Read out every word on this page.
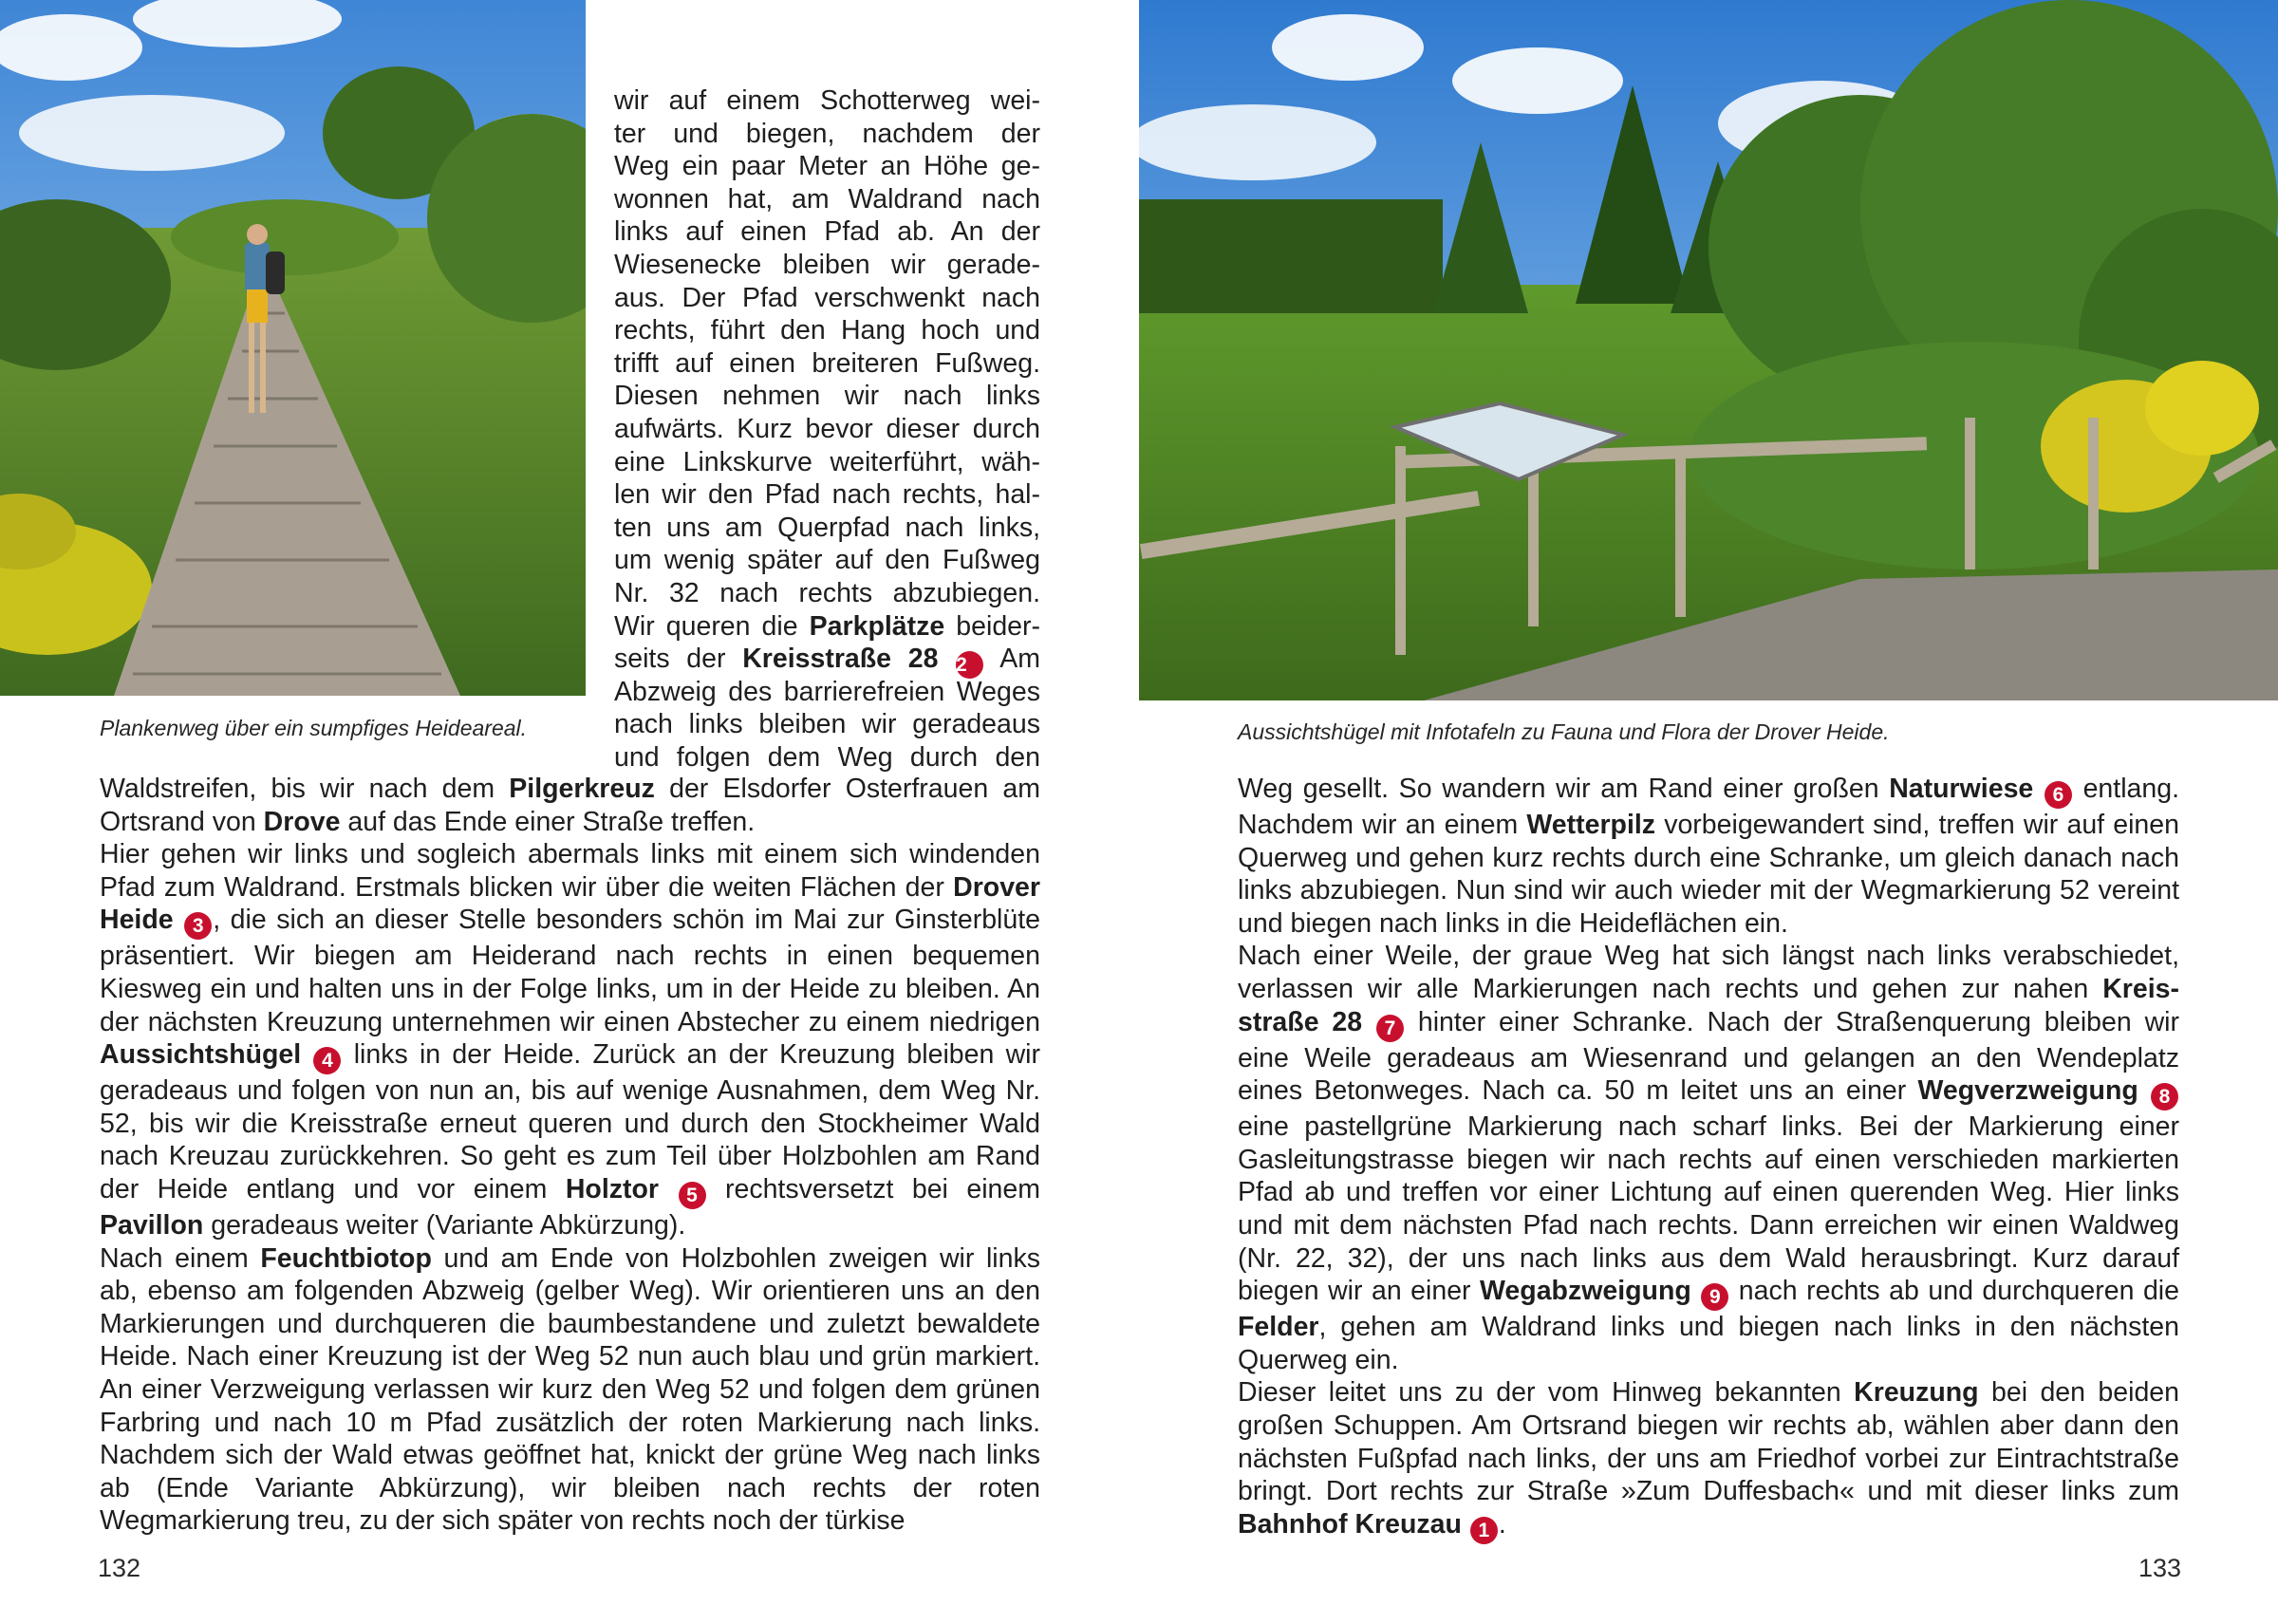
Plankenweg über ein sumpfiges Heideareal.

wir auf einem Schotterweg wei-
ter und biegen, nachdem der
Weg ein paar Meter an Höhe ge-
wonnen hat, am Waldrand nach
links auf einen Pfad ab. An der
Wiesenecke bleiben wir gerade-
aus. Der Pfad verschwenkt nach
rechts, führt den Hang hoch und
trifft auf einen breiteren Fußweg.
Diesen nehmen wir nach links
aufwärts. Kurz bevor dieser durch
eine Linkskurve weiterführt, wäh-
len wir den Pfad nach rechts, hal-
ten uns am Querpfad nach links,
um wenig später auf den Fußweg
Nr. 32 nach rechts abzubiegen.
Wir queren die Parkplätze beider-
seits der Kreisstraße 28 2 Am
Abzweig des barrierefreien Weges
nach links bleiben wir geradeaus
und folgen dem Weg durch den
Waldstreifen, bis wir nach dem Pilgerkreuz der Elsdorfer Osterfrauen am Ortsrand von Drove auf das Ende einer Straße treffen.
Hier gehen wir links und sogleich abermals links mit einem sich windenden Pfad zum Waldrand. Erstmals blicken wir über die weiten Flächen der Drover Heide 3 , die sich an dieser Stelle besonders schön im Mai zur Ginsterblüte präsentiert. Wir biegen am Heiderand nach rechts in einen bequemen Kiesweg ein und halten uns in der Folge links, um in der Heide zu bleiben. An der nächsten Kreuzung unternehmen wir einen Abstecher zu einem niedrigen Aussichtshügel 4 links in der Heide. Zurück an der Kreuzung bleiben wir geradeaus und folgen von nun an, bis auf wenige Ausnahmen, dem Weg Nr. 52, bis wir die Kreisstraße erneut queren und durch den Stockheimer Wald nach Kreuzau zurückkehren. So geht es zum Teil über Holzbohlen am Rand der Heide entlang und vor einem Holztor 5 rechtsversetzt bei einem Pavillon geradeaus weiter (Variante Abkürzung).
Nach einem Feuchtbiotop und am Ende von Holzbohlen zweigen wir links ab, ebenso am folgenden Abzweig (gelber Weg). Wir orientieren uns an den Markierungen und durchqueren die baumbestandene und zuletzt bewaldete Heide. Nach einer Kreuzung ist der Weg 52 nun auch blau und grün markiert. An einer Verzweigung verlassen wir kurz den Weg 52 und folgen dem grünen Farbring und nach 10 m Pfad zusätzlich der roten Markierung nach links. Nachdem sich der Wald etwas geöffnet hat, knickt der grüne Weg nach links ab (Ende Variante Abkürzung), wir bleiben nach rechts der roten Wegmarkierung treu, zu der sich später von rechts noch der türkise

132

Aussichtshügel mit Infotafeln zu Fauna und Flora der Drover Heide.

Weg gesellt. So wandern wir am Rand einer großen Naturwiese 6 entlang. Nachdem wir an einem Wetterpilz vorbeigewandert sind, treffen wir auf einen Querweg und gehen kurz rechts durch eine Schranke, um gleich danach nach links abzubiegen. Nun sind wir auch wieder mit der Wegmarkierung 52 vereint und biegen nach links in die Heideflächen ein.
Nach einer Weile, der graue Weg hat sich längst nach links verabschiedet, verlassen wir alle Markierungen nach rechts und gehen zur nahen Kreisstraße 28 7 hinter einer Schranke. Nach der Straßenquerung bleiben wir eine Weile geradeaus am Wiesenrand und gelangen an den Wendeplatz eines Betonweges. Nach ca. 50 m leitet uns an einer Wegverzweigung 8 eine pastellgrüne Markierung nach scharf links. Bei der Markierung einer Gasleitungstrasse biegen wir nach rechts auf einen verschieden markierten Pfad ab und treffen vor einer Lichtung auf einen querenden Weg. Hier links und mit dem nächsten Pfad nach rechts. Dann erreichen wir einen Waldweg (Nr. 22, 32), der uns nach links aus dem Wald herausbringt. Kurz darauf biegen wir an einer Wegabzweigung 9 nach rechts ab und durchqueren die Felder, gehen am Waldrand links und biegen nach links in den nächsten Querweg ein.
Dieser leitet uns zu der vom Hinweg bekannten Kreuzung bei den beiden großen Schuppen. Am Ortsrand biegen wir rechts ab, wählen aber dann den nächsten Fußpfad nach links, der uns am Friedhof vorbei zur Eintrachtstraße bringt. Dort rechts zur Straße »Zum Duffesbach« und mit dieser links zum Bahnhof Kreuzau 1 .

133
